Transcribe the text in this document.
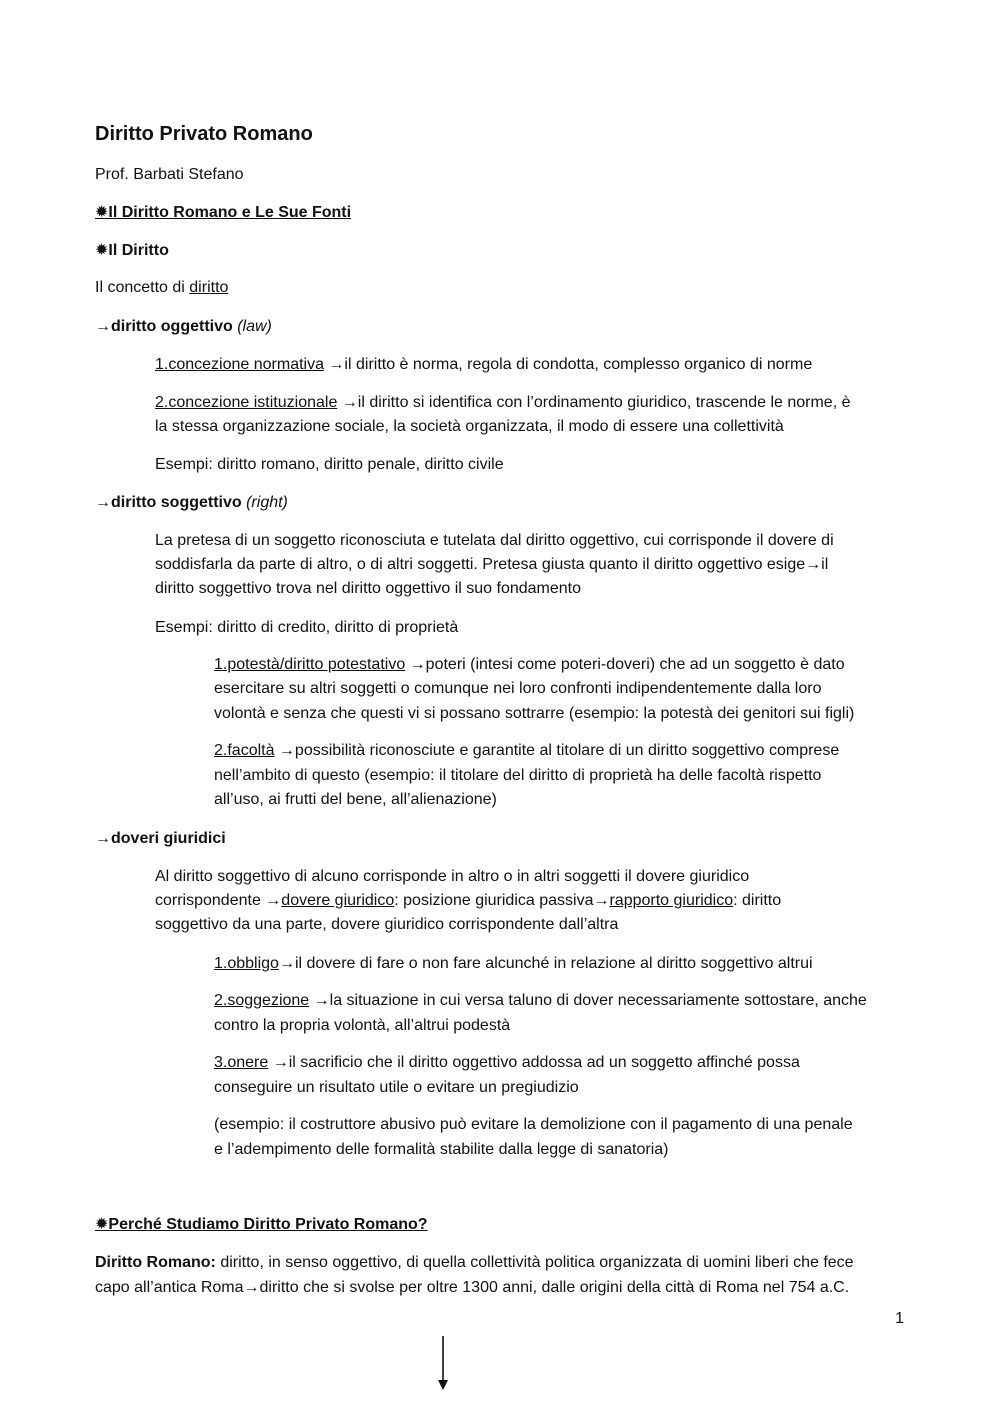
Diritto Privato Romano
Prof. Barbati Stefano
✹Il Diritto Romano e Le Sue Fonti
✹Il Diritto
Il concetto di diritto
→diritto oggettivo (law)
1.concezione normativa →il diritto è norma, regola di condotta, complesso organico di norme
2.concezione istituzionale →il diritto si identifica con l’ordinamento giuridico, trascende le norme, è
la stessa organizzazione sociale, la società organizzata, il modo di essere una collettività
Esempi: diritto romano, diritto penale, diritto civile
→diritto soggettivo (right)
La pretesa di un soggetto riconosciuta e tutelata dal diritto oggettivo, cui corrisponde il dovere di
soddisfarla da parte di altro, o di altri soggetti. Pretesa giusta quanto il diritto oggettivo esige→il
diritto soggettivo trova nel diritto oggettivo il suo fondamento
Esempi: diritto di credito, diritto di proprietà
1.potestà/diritto potestativo →poteri (intesi come poteri-doveri) che ad un soggetto è dato
esercitare su altri soggetti o comunque nei loro confronti indipendentemente dalla loro
volontà e senza che questi vi si possano sottrarre (esempio: la potestà dei genitori sui figli)
2.facoltà →possibilità riconosciute e garantite al titolare di un diritto soggettivo comprese
nell’ambito di questo (esempio: il titolare del diritto di proprietà ha delle facoltà rispetto
all’uso, ai frutti del bene, all’alienazione)
→doveri giuridici
Al diritto soggettivo di alcuno corrisponde in altro o in altri soggetti il dovere giuridico
corrispondente →dovere giuridico: posizione giuridica passiva→rapporto giuridico: diritto
soggettivo da una parte, dovere giuridico corrispondente dall’altra
1.obbligo→il dovere di fare o non fare alcunché in relazione al diritto soggettivo altrui
2.soggezione →la situazione in cui versa taluno di dover necessariamente sottostare, anche
contro la propria volontà, all’altrui podestà
3.onere →il sacrificio che il diritto oggettivo addossa ad un soggetto affinché possa
conseguire un risultato utile o evitare un pregiudizio
(esempio: il costruttore abusivo può evitare la demolizione con il pagamento di una penale
e l’adempimento delle formalità stabilite dalla legge di sanatoria)
✹Perché Studiamo Diritto Privato Romano?
Diritto Romano: diritto, in senso oggettivo, di quella collettività politica organizzata di uomini liberi che fece
capo all’antica Roma→diritto che si svolse per oltre 1300 anni, dalle origini della città di Roma nel 754 a.C.
1
